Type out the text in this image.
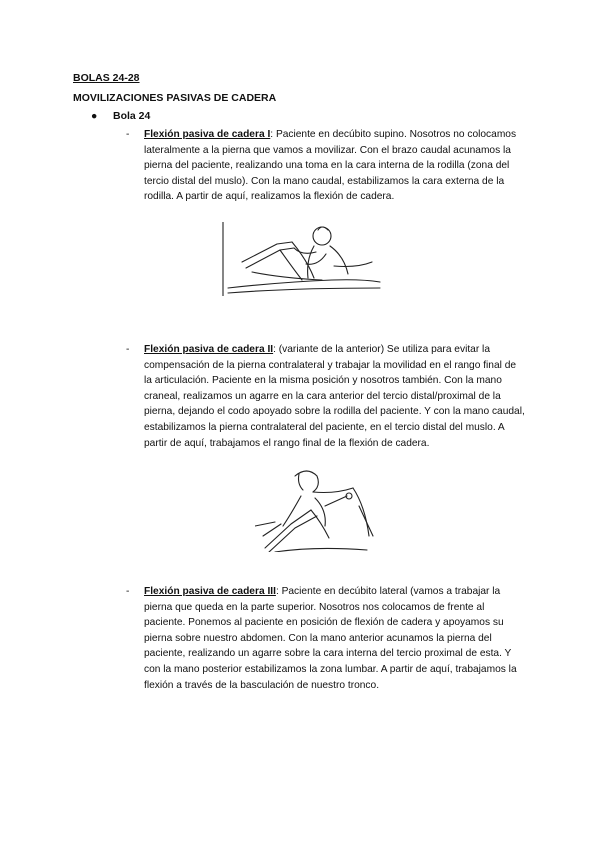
BOLAS 24-28
MOVILIZACIONES PASIVAS DE CADERA
● Bola 24
- Flexión pasiva de cadera I: Paciente en decúbito supino. Nosotros no colocamos lateralmente a la pierna que vamos a movilizar. Con el brazo caudal acunamos la pierna del paciente, realizando una toma en la cara interna de la rodilla (zona del tercio distal del muslo). Con la mano caudal, estabilizamos la cara externa de la rodilla. A partir de aquí, realizamos la flexión de cadera.
- Flexión pasiva de cadera II: (variante de la anterior) Se utiliza para evitar la compensación de la pierna contralateral y trabajar la movilidad en el rango final de la articulación. Paciente en la misma posición y nosotros también. Con la mano craneal, realizamos un agarre en la cara anterior del tercio distal/proximal de la pierna, dejando el codo apoyado sobre la rodilla del paciente. Y con la mano caudal, estabilizamos la pierna contralateral del paciente, en el tercio distal del muslo. A partir de aquí, trabajamos el rango final de la flexión de cadera.
- Flexión pasiva de cadera III: Paciente en decúbito lateral (vamos a trabajar la pierna que queda en la parte superior. Nosotros nos colocamos de frente al paciente. Ponemos al paciente en posición de flexión de cadera y apoyamos su pierna sobre nuestro abdomen. Con la mano anterior acunamos la pierna del paciente, realizando un agarre sobre la cara interna del tercio proximal de esta. Y con la mano posterior estabilizamos la zona lumbar. A partir de aquí, trabajamos la flexión a través de la basculación de nuestro tronco.
